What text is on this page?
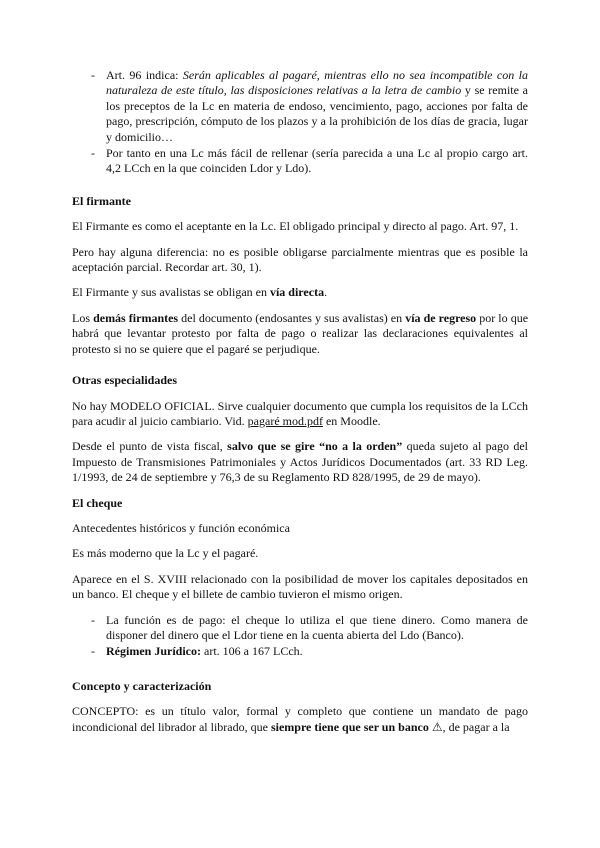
- Art. 96 indica: Serán aplicables al pagaré, mientras ello no sea incompatible con la naturaleza de este título, las disposiciones relativas a la letra de cambio y se remite a los preceptos de la Lc en materia de endoso, vencimiento, pago, acciones por falta de pago, prescripción, cómputo de los plazos y a la prohibición de los días de gracia, lugar y domicilio…
- Por tanto en una Lc más fácil de rellenar (sería parecida a una Lc al propio cargo art. 4,2 LCch en la que coinciden Ldor y Ldo).
El firmante

El Firmante es como el aceptante en la Lc. El obligado principal y directo al pago. Art. 97, 1.

Pero hay alguna diferencia: no es posible obligarse parcialmente mientras que es posible la aceptación parcial. Recordar art. 30, 1).

El Firmante y sus avalistas se obligan en vía directa.

Los demás firmantes del documento (endosantes y sus avalistas) en vía de regreso por lo que habrá que levantar protesto por falta de pago o realizar las declaraciones equivalentes al protesto si no se quiere que el pagaré se perjudique.

Otras especialidades

No hay MODELO OFICIAL. Sirve cualquier documento que cumpla los requisitos de la LCch para acudir al juicio cambiario. Vid. pagaré mod.pdf en Moodle.

Desde el punto de vista fiscal, salvo que se gire “no a la orden” queda sujeto al pago del Impuesto de Transmisiones Patrimoniales y Actos Jurídicos Documentados (art. 33 RD Leg. 1/1993, de 24 de septiembre y 76,3 de su Reglamento RD 828/1995, de 29 de mayo).

El cheque

Antecedentes históricos y función económica

Es más moderno que la Lc y el pagaré.

Aparece en el S. XVIII relacionado con la posibilidad de mover los capitales depositados en un banco. El cheque y el billete de cambio tuvieron el mismo origen.

- La función es de pago: el cheque lo utiliza el que tiene dinero. Como manera de disponer del dinero que el Ldor tiene en la cuenta abierta del Ldo (Banco).
- Régimen Jurídico: art. 106 a 167 LCch.
Concepto y caracterización

CONCEPTO: es un título valor, formal y completo que contiene un mandato de pago incondicional del librador al librado, que siempre tiene que ser un banco ⚠, de pagar a la
